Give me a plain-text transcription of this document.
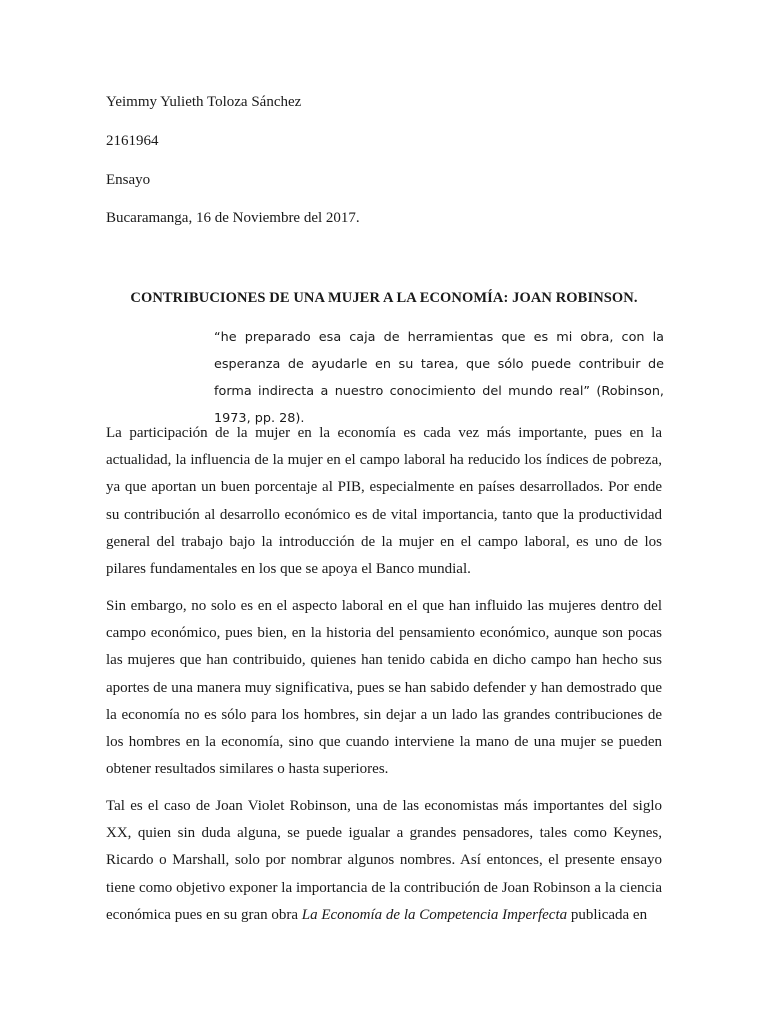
Yeimmy Yulieth Toloza Sánchez

2161964

Ensayo

Bucaramanga, 16 de Noviembre del 2017.

CONTRIBUCIONES DE UNA MUJER A LA ECONOMÍA: JOAN ROBINSON.

“he preparado esa caja de herramientas que es mi obra, con la esperanza de ayudarle en su tarea, que sólo puede contribuir de forma indirecta a nuestro conocimiento del mundo real” (Robinson, 1973, pp. 28).

La participación de la mujer en la economía es cada vez más importante, pues en la actualidad, la influencia de la mujer en el campo laboral ha reducido los índices de pobreza, ya que aportan un buen porcentaje al PIB, especialmente en países desarrollados. Por ende su contribución al desarrollo económico es de vital importancia, tanto que la productividad general del trabajo bajo la introducción de la mujer en el campo laboral, es uno de los pilares fundamentales en los que se apoya el Banco mundial.

Sin embargo, no solo es en el aspecto laboral en el que han influido las mujeres dentro del campo económico, pues bien, en la historia del pensamiento económico, aunque son pocas las mujeres que han contribuido, quienes han tenido cabida en dicho campo han hecho sus aportes de una manera muy significativa, pues se han sabido defender y han demostrado que la economía no es sólo para los hombres, sin dejar a un lado las grandes contribuciones de los hombres en la economía, sino que cuando interviene la mano de una mujer se pueden obtener resultados similares o hasta superiores.

Tal es el caso de Joan Violet Robinson, una de las economistas más importantes del siglo XX, quien sin duda alguna, se puede igualar a grandes pensadores, tales como Keynes, Ricardo o Marshall, solo por nombrar algunos nombres. Así entonces, el presente ensayo tiene como objetivo exponer la importancia de la contribución de Joan Robinson a la ciencia económica pues en su gran obra La Economía de la Competencia Imperfecta publicada en
